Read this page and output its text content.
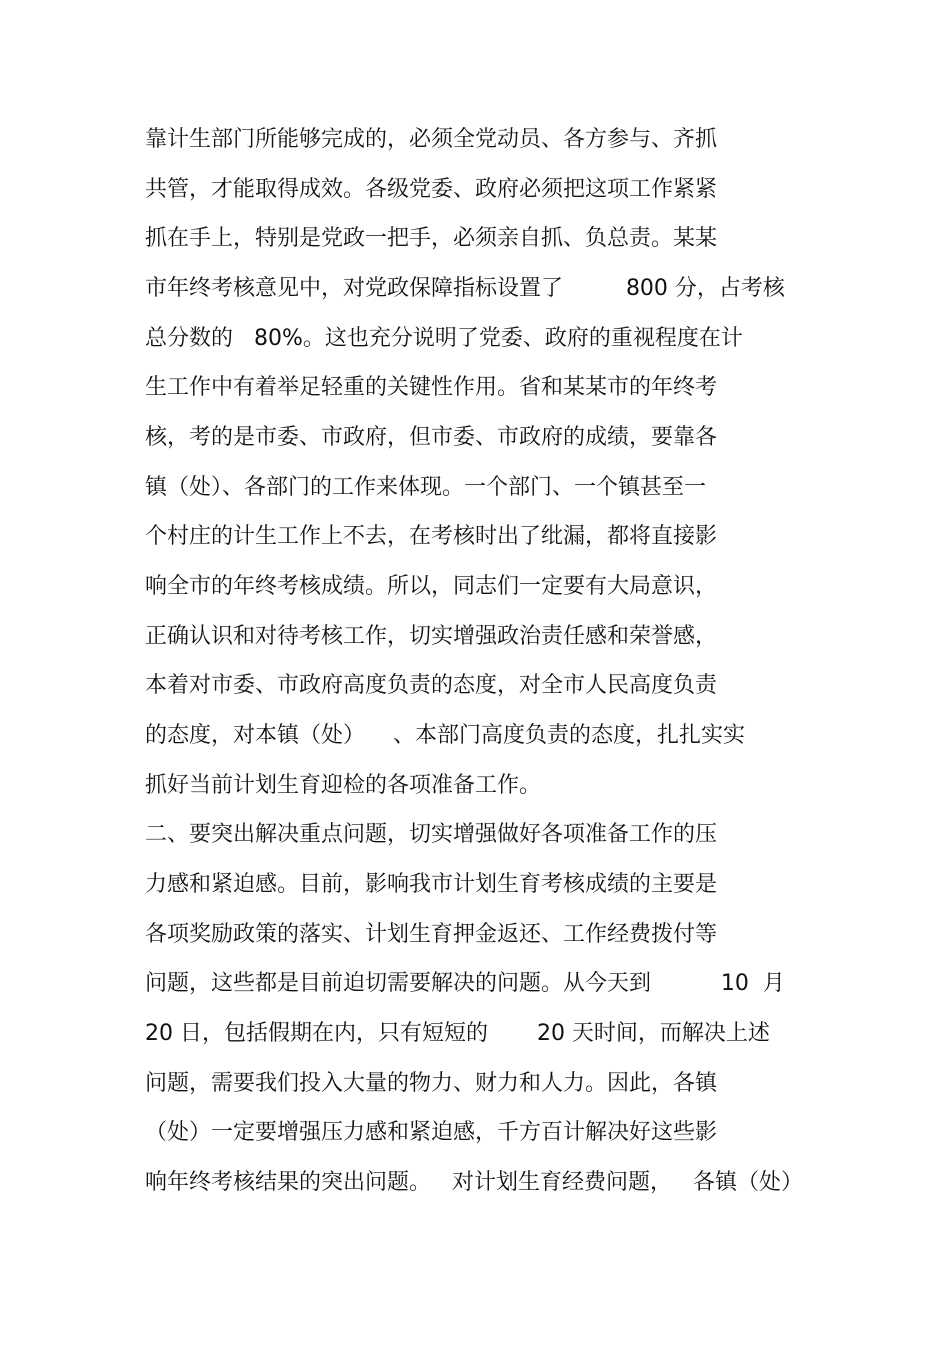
靠计生部门所能够完成的，必须全党动员、各方参与、齐抓
共管，才能取得成效。各级党委、政府必须把这项工作紧紧
抓在手上，特别是党政一把手，必须亲自抓、负总责。某某
市年终考核意见中，对党政保障指标设置了         800 分，占考核
总分数的   80%。这也充分说明了党委、政府的重视程度在计
生工作中有着举足轻重的关键性作用。省和某某市的年终考
核，考的是市委、市政府，但市委、市政府的成绩，要靠各
镇（处）、各部门的工作来体现。一个部门、一个镇甚至一
个村庄的计生工作上不去，在考核时出了纰漏，都将直接影
响全市的年终考核成绩。所以，同志们一定要有大局意识，
正确认识和对待考核工作，切实增强政治责任感和荣誉感，
本着对市委、市政府高度负责的态度，对全市人民高度负责
的态度，对本镇（处）    、本部门高度负责的态度，扎扎实实
抓好当前计划生育迎检的各项准备工作。
二、要突出解决重点问题，切实增强做好各项准备工作的压
力感和紧迫感。目前，影响我市计划生育考核成绩的主要是
各项奖励政策的落实、计划生育押金返还、工作经费拨付等
问题，这些都是目前迫切需要解决的问题。从今天到          10  月
20 日，包括假期在内，只有短短的       20 天时间，而解决上述
问题，需要我们投入大量的物力、财力和人力。因此，各镇
（处）一定要增强压力感和紧迫感，千方百计解决好这些影
响年终考核结果的突出问题。   对计划生育经费问题，   各镇（处）
